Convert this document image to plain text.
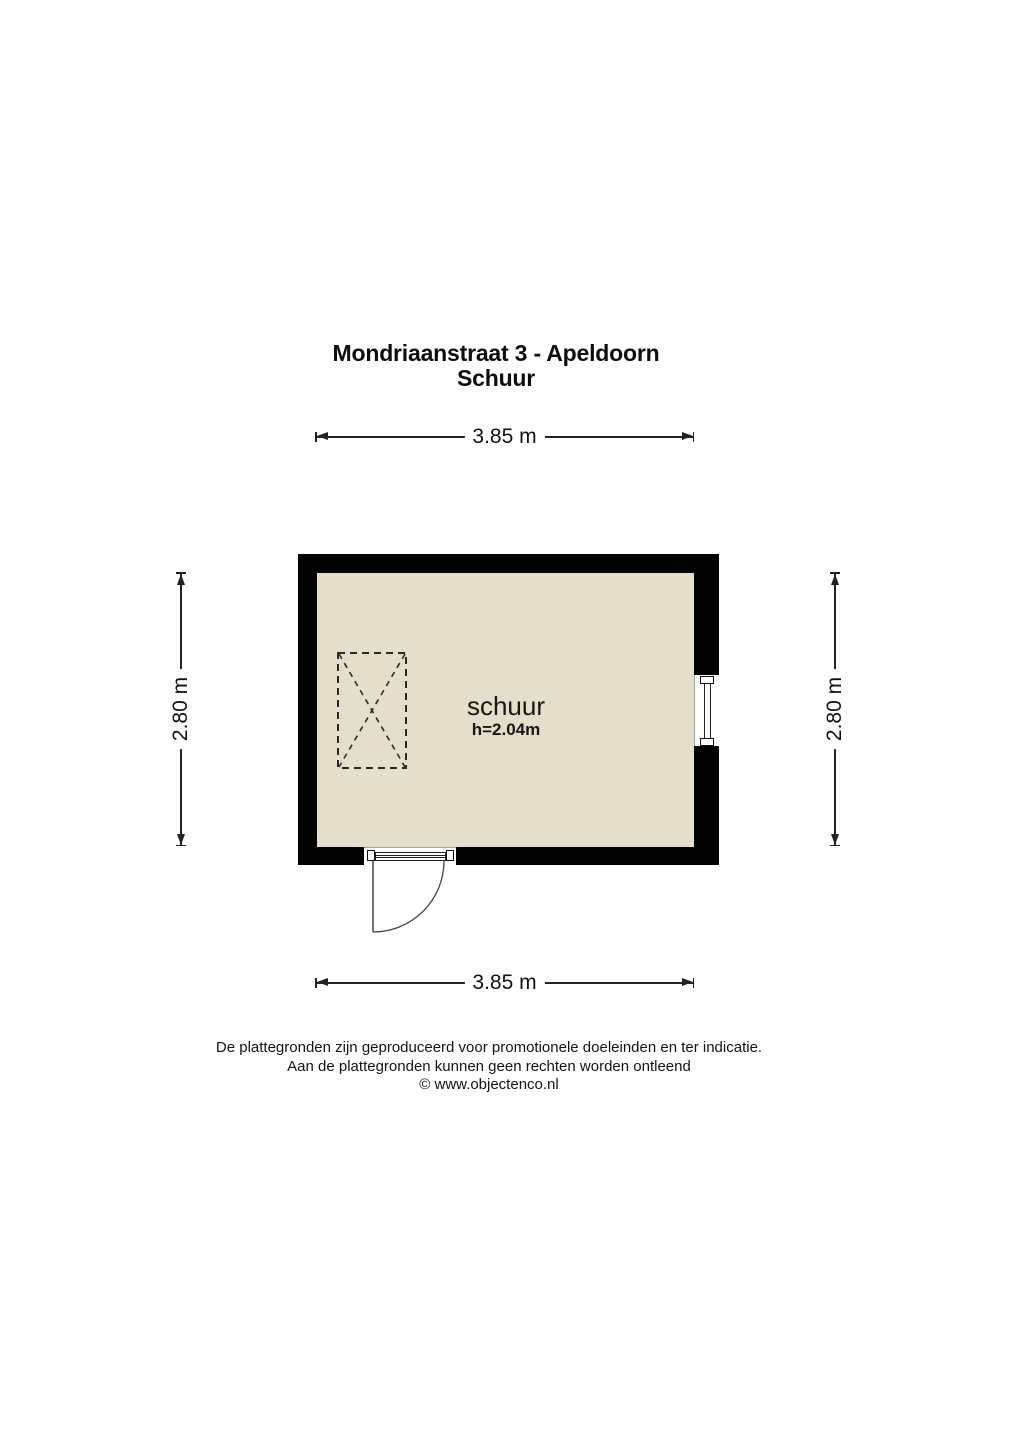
Mondriaanstraat 3 - Apeldoorn
Schuur
3.85 m
3.85 m
2.80 m	2.80 m
schuur
h=2.04m
De plattegronden zijn geproduceerd voor promotionele doeleinden en ter indicatie.
Aan de plattegronden kunnen geen rechten worden ontleend
© www.objectenco.nl
